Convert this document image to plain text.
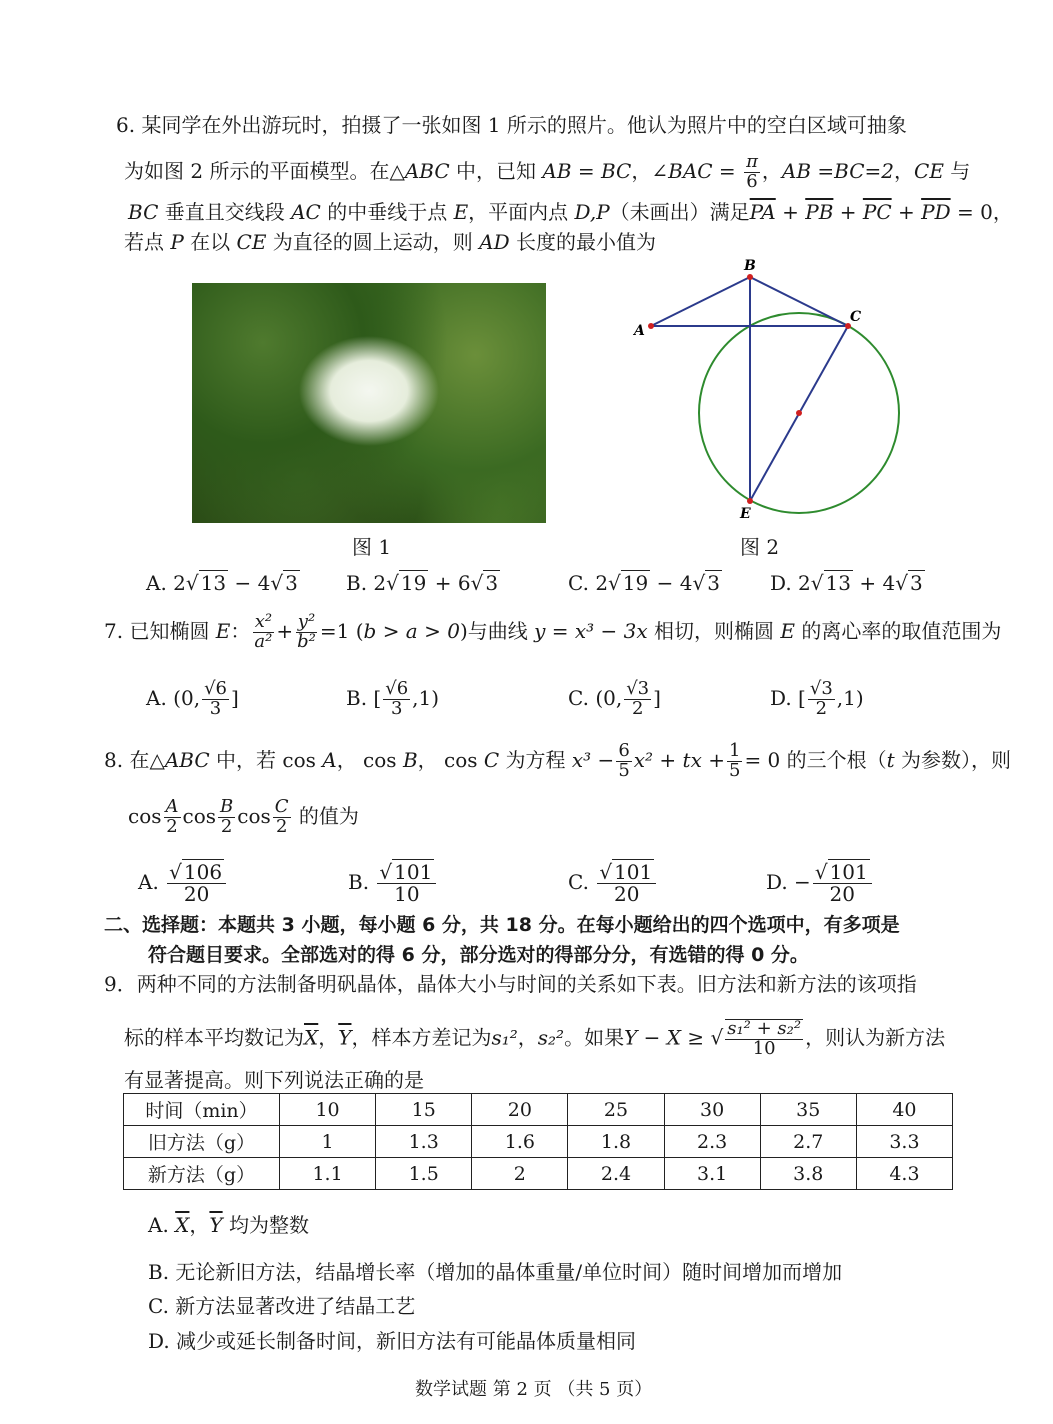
6. 某同学在外出游玩时，拍摄了一张如图 1 所示的照片。他认为照片中的空白区域可抽象
为如图 2 所示的平面模型。在△ABC 中，已知 AB = BC，∠BAC = $\frac{\pi}{6}$ ，AB =BC=2，CE 与
BC 垂直且交线段 AC 的中垂线于点 E，平面内点 D,P（未画出）满足$\overline{PA} + \overline{PB} + \overline{PC} + \overline{PD} = 0$，
若点 P 在以 CE 为直径的圆上运动，则 AD 长度的最小值为
图 1
A
B
C
E
图 2
A. 2√ 13 − 4√ 3 B. 2√ 19 + 6√ 3	C. 2√ 19 − 4√ 3	D. 2√ 13 + 4√ 3
7. 已知椭圆 E： $\frac{\text{x²}}{\text{a²}} + \frac{\text{y²}}{\text{b²}} =1$ (b > a > 0)与曲线 y = x³ − 3x 相切，则椭圆 E 的离心率的取值范围为
A. (0, $\frac{√6}{3}$ ]	B. [ $\frac{√6}{3} ,1$)	C. (0, $\frac{√3}{2}$ ]	D. [ $\frac{√3}{2} ,1$)
8. 在△ABC 中，若 cos A， cos B， cos C 为方程 $x^3 - \frac{6}{5} x^2$ + tx + $\frac{1}{5} = 0$ 的三个根（t 为参数），则
$\cos \frac{A}{2}$ $\cos \frac{B}{2}$ $\cos \frac{C}{2}$ 的值为
A. $\frac{√ 106}{20}$	B. $\frac{√ 101}{10}$	C. $\frac{√ 101}{20}$	D. − $\frac{√ 101}{20}$
二、选择题：本题共 3 小题，每小题 6 分，共 18 分。在每小题给出的四个选项中，有多项是
符合题目要求。全部选对的得 6 分，部分选对的得部分分，有选错的得 0 分。
9．两种不同的方法制备明矾晶体，晶体大小与时间的关系如下表。旧方法和新方法的该项指
标的样本平均数记为$\overline{X}$，$\overline{Y}$，样本方差记为s₁²，s₂²。如果Y − X ≥ √ $\frac{\text{s₁² + s₂²}}{10}$ ，则认为新方法
有显著提高。则下列说法正确的是
时间（min）	10	15	20	25	30	35	40
旧方法（g）	1	1.3	1.6	1.8	2.3	2.7	3.3
新方法（g）	1.1	1.5	2	2.4	3.1	3.8	4.3
A. $\overline{X}$，$\overline{Y}$ 均为整数
B. 无论新旧方法，结晶增长率（增加的晶体重量/单位时间）随时间增加而增加
C. 新方法显著改进了结晶工艺
D. 减少或延长制备时间，新旧方法有可能晶体质量相同
数学试题 第 2 页 （共 5 页）
